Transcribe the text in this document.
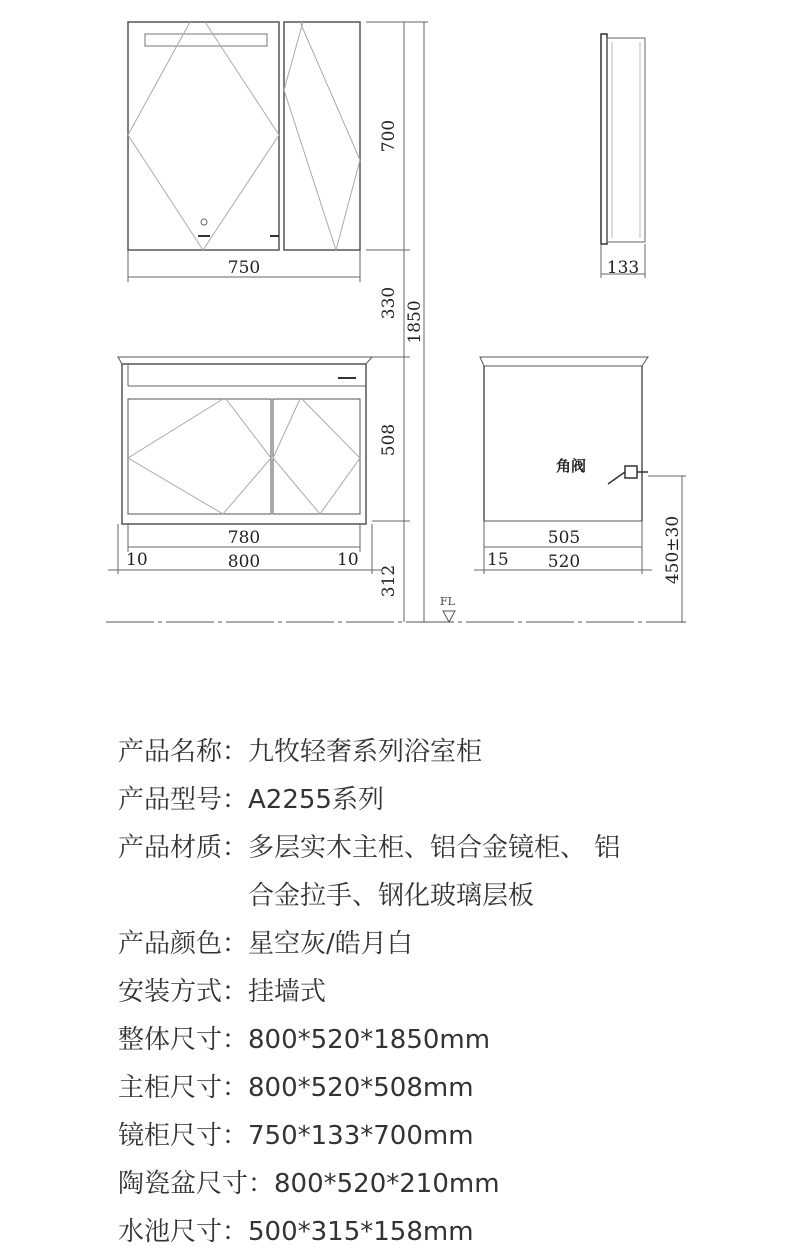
750	133
700
330 1850
508
312
780
800
10	10
505
520
15	450±30
角阀
FL
产品名称： 九牧轻奢系列浴室柜
产品型号： A2255系列
产品材质： 多层实木主柜、铝合金镜柜、 铝合金拉手、钢化玻璃层板
产品颜色： 星空灰/皓月白
安装方式： 挂墙式
整体尺寸： 800*520*1850mm
主柜尺寸： 800*520*508mm
镜柜尺寸： 750*133*700mm
陶瓷盆尺寸： 800*520*210mm
水池尺寸： 500*315*158mm
